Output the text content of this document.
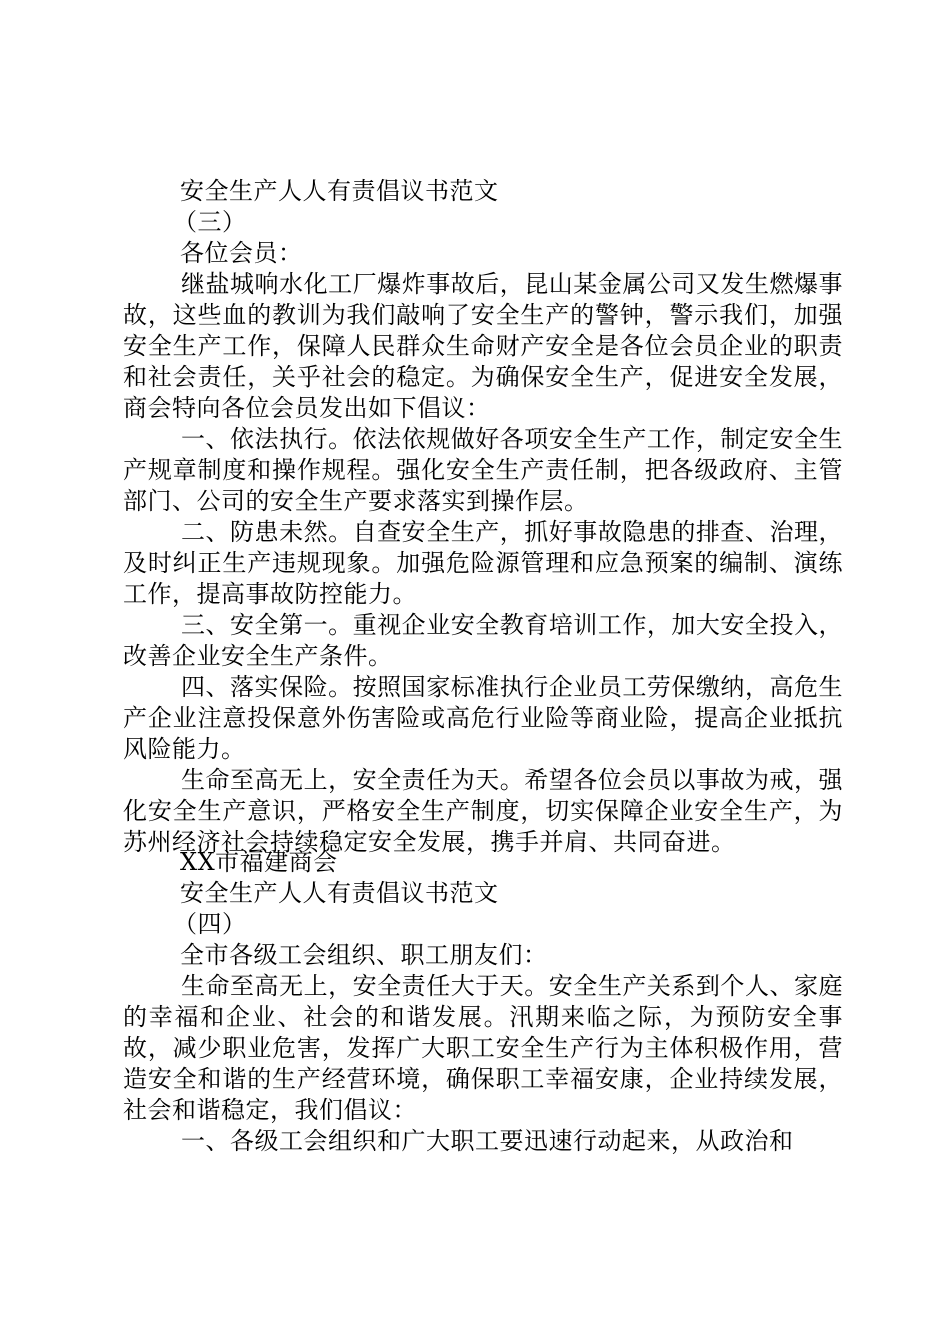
安全生产人人有责倡议书范文
（三）
各位会员：
继盐城响水化工厂爆炸事故后，昆山某金属公司又发生燃爆事故，这些血的教训为我们敲响了安全生产的警钟，警示我们，加强安全生产工作，保障人民群众生命财产安全是各位会员企业的职责和社会责任，关乎社会的稳定。为确保安全生产，促进安全发展，商会特向各位会员发出如下倡议：
一、依法执行。依法依规做好各项安全生产工作，制定安全生产规章制度和操作规程。强化安全生产责任制，把各级政府、主管部门、公司的安全生产要求落实到操作层。
二、防患未然。自查安全生产，抓好事故隐患的排查、治理，及时纠正生产违规现象。加强危险源管理和应急预案的编制、演练工作，提高事故防控能力。
三、安全第一。重视企业安全教育培训工作，加大安全投入，改善企业安全生产条件。
四、落实保险。按照国家标准执行企业员工劳保缴纳，高危生产企业注意投保意外伤害险或高危行业险等商业险，提高企业抵抗风险能力。
生命至高无上，安全责任为天。希望各位会员以事故为戒，强化安全生产意识，严格安全生产制度，切实保障企业安全生产，为苏州经济社会持续稳定安全发展，携手并肩、共同奋进。
XX市福建商会
安全生产人人有责倡议书范文
（四）
全市各级工会组织、职工朋友们：
生命至高无上，安全责任大于天。安全生产关系到个人、家庭的幸福和企业、社会的和谐发展。汛期来临之际，为预防安全事故，减少职业危害，发挥广大职工安全生产行为主体积极作用，营造安全和谐的生产经营环境，确保职工幸福安康，企业持续发展，社会和谐稳定，我们倡议：
一、各级工会组织和广大职工要迅速行动起来，从政治和
